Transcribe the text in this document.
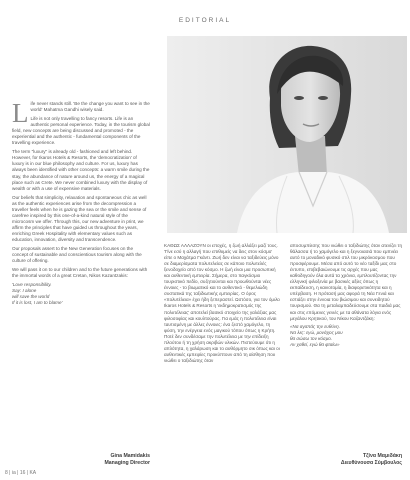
EDITORIAL
L ife never stands still. 'Be the change you want to see in the world' Mahatma Gandhi wisely said.

Life is not only travelling to fancy resorts. Life is an authentic personal experience. Today, in the tourism global field, new concepts are being discussed and promoted - the experiential and the authentic - fundamental components of the travelling experience.

The term "luxury" is already old - fashioned and left behind. However, for Ikaros Hotels & Resorts, the 'democratization' of luxury is in our blue philosophy and culture. For us, luxury has always been identified with other concepts: a warm smile during the stay, the abundance of nature around us, the energy of a magical place such as Crete. We never combined luxury with the display of wealth or with a use of expensive materials.

Our beliefs that simplicity, relaxation and spontaneous chic as well as the authentic experiences arise from the decompression a traveller feels when he is gazing the sea or the smile and sense of carefree inspired by this one-of-a-kind natural style of the microcosm we offer. Through this, our new adventure in print, we affirm the principles that have guided us throughout the years, enriching Greek Hospitality with elementary values such as education, innovation, diversity and transcendence.

Our proposals assert to the New Generation focuses on the concept of sustainable and conscientious tourism along with the culture of offering.

We will pass it on to our children and to the future generations with the immortal words of a great Cretan, Nikos Kazantzakis:

'Love responsibility.
Say: I alone
will save the world
If it is lost, I am to blame'
Gina Mamidakis
Managing Director

ΚΑΘΩΣ ΑΛΛΑΖΟΥΝ οι εποχές, η ζωή αλλάζει μαζί τους. 'Γίνε εσύ η αλλαγή που επιθυμείς να δεις στον κόσμο' είπε ο Μαχάτμα Γκάντι. Ζωή δεν είναι να ταξιδεύεις μόνο σε διαμερίσματα πολυτελείας σε κάποιο πολυτελές ξενοδοχείο από τον κόσμο. Η ζωή είναι μια προσωπική και αυθεντική εμπειρία. Σήμερα, στο παγκόσμιο τουριστικό πεδίο, συζητιούνται και προωθούνται νέες έννοιες - το βιωματικό και το αυθεντικό - θεμελιώδη συστατικά της ταξιδιωτικής εμπειρίας. Ο όρος «πολυτέλεια» έχει ήδη ξεπεραστεί. Ωστόσο, για τον όμιλο Ikaros Hotels & Resorts η 'εκδημοκρατισμός της πολυτέλειας' αποτελεί βασικό στοιχείο της γαλάζιας μας φιλοσοφίας και κουλτούρας. Για εμάς η πολυτέλεια είναι ταυτισμένη με άλλες έννοιες: ένα ζεστό χαμόγελο, τη φύση, την ενέργεια ενός μαγικού τόπου όπως η Κρήτη. Ποτέ δεν συνδέσαμε την πολυτέλεια με την επίδειξη πλούτου ή τη χρήση ακριβών υλικών. Πιστεύουμε ότι η απλότητα, η χαλάρωση και το αυθόρμητο σικ όπως και οι αυθεντικές εμπειρίες προκύπτουν από τη αίσθηση που νιώθει ο ταξιδιώτης όταν

αποσυμπίεσης που νιώθει ο ταξιδιώτης όταν ατενίζει τη θάλασσα ή το χαμόγελο και η ξεγνοιασιά που εμπνέει αυτό το μοναδικό φυσικό στιλ του μικρόκοσμου που προσφέρουμε. Μέσα από αυτό το νέο ταξίδι μας στο έντυπο, επιβεβαιώνουμε τις αρχές που μας καθοδηγούν όλα αυτά τα χρόνια, εμπλουτίζοντας την ελληνική φιλοξενία με βασικές αξίες όπως η εκπαίδευση, η καινοτομία, η διαφορετικότητα και η υπέρβαση. Η πρότασή μας αφορά τη Νέα Γενιά και εστιάζει στην έννοια του βιώσιμου και συνειδητού τουρισμού. Θα τη μεταλαμπαδεύσουμε στα παιδιά μας και στις επόμενες γενιές με τα αθάνατα λόγια ενός μεγάλου Κρητικού, του Νίκου Καζαντζάκη:

«Να αγαπάς την ευθύνη.
Να λες: εγώ, μονάχος μου
θα σώσω τον κόσμο.
Αν χαθεί, εγώ θα φταίω»
Τζίνα Μαμιδάκη
Διευθύνουσα Σύμβουλος
8 | ia | 16 | ΚΑ
